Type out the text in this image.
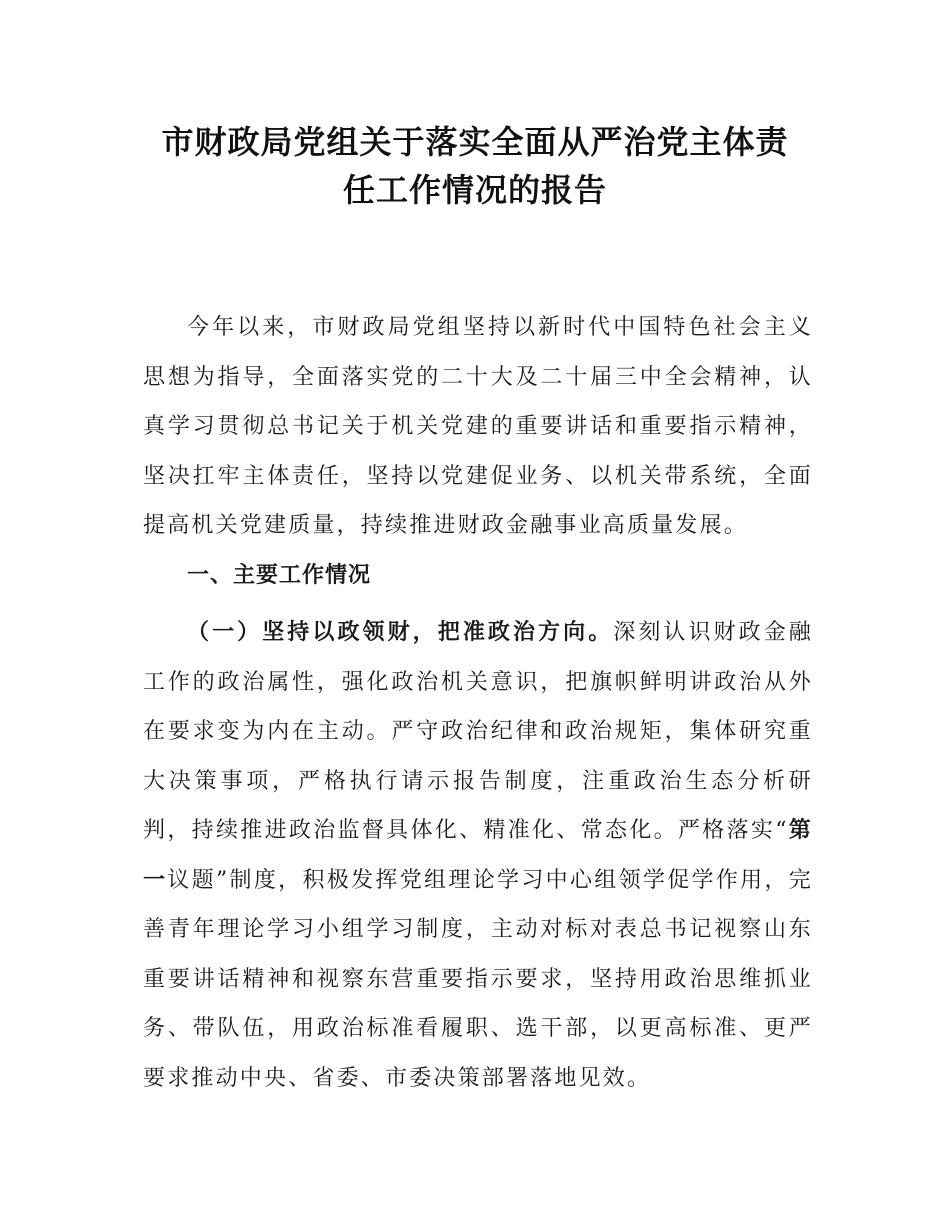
市财政局党组关于落实全面从严治党主体责
任工作情况的报告

今年以来，市财政局党组坚持以新时代中国特色社会主义思想为指导，全面落实党的二十大及二十届三中全会精神，认真学习贯彻总书记关于机关党建的重要讲话和重要指示精神，坚决扛牢主体责任，坚持以党建促业务、以机关带系统，全面提高机关党建质量，持续推进财政金融事业高质量发展。

一、主要工作情况

（一）坚持以政领财，把准政治方向。深刻认识财政金融工作的政治属性，强化政治机关意识，把旗帜鲜明讲政治从外在要求变为内在主动。严守政治纪律和政治规矩，集体研究重大决策事项，严格执行请示报告制度，注重政治生态分析研判，持续推进政治监督具体化、精准化、常态化。严格落实“第一议题”制度，积极发挥党组理论学习中心组领学促学作用，完善青年理论学习小组学习制度，主动对标对表总书记视察山东重要讲话精神和视察东营重要指示要求，坚持用政治思维抓业务、带队伍，用政治标准看履职、选干部，以更高标准、更严要求推动中央、省委、市委决策部署落地见效。
